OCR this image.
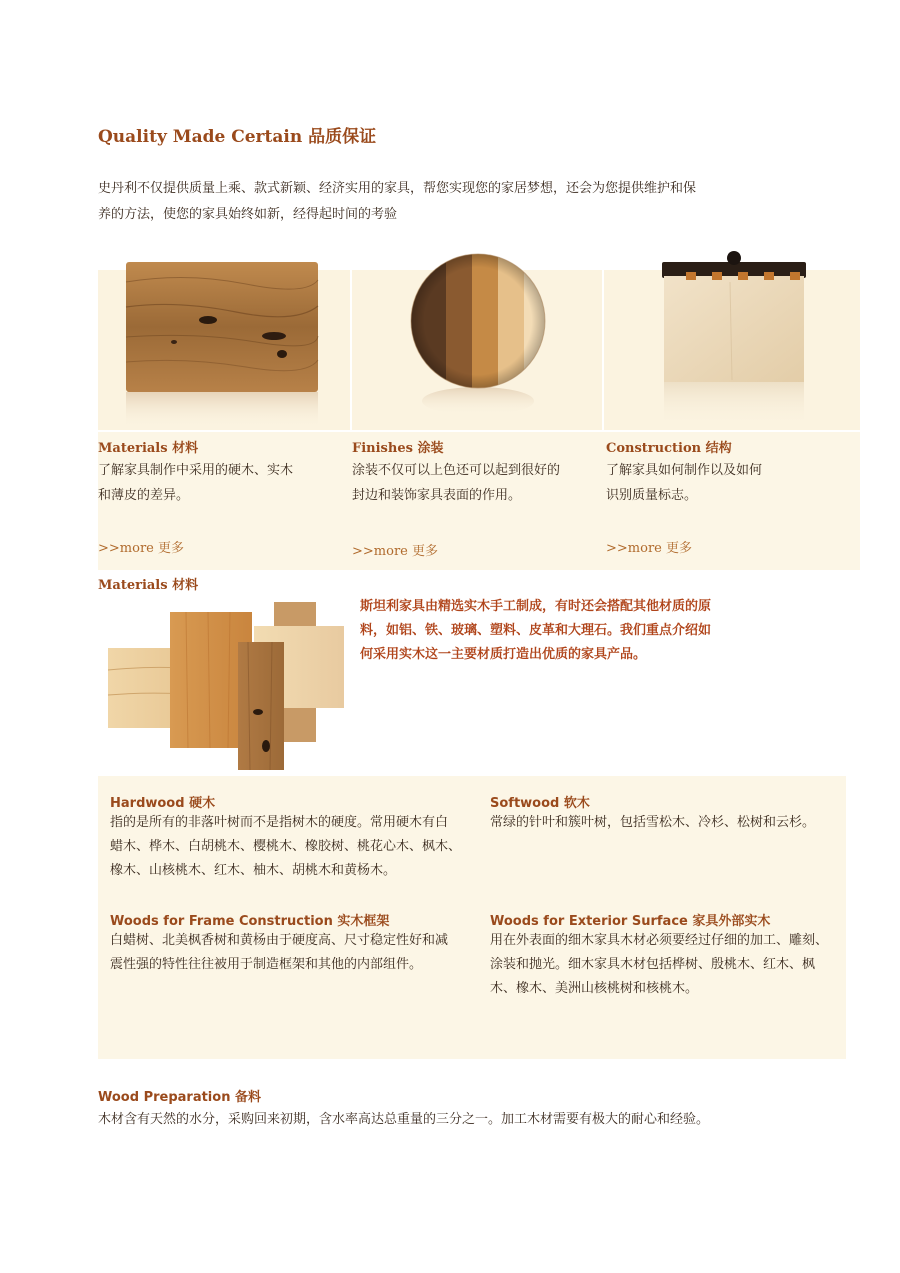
Quality Made Certain 品质保证
史丹利不仅提供质量上乘、款式新颖、经济实用的家具，帮您实现您的家居梦想，还会为您提供维护和保
养的方法，使您的家具始终如新，经得起时间的考验
Materials 材料
了解家具制作中采用的硬木、实木
和薄皮的差异。
>>more 更多
Finishes 涂装
涂装不仅可以上色还可以起到很好的
封边和装饰家具表面的作用。
>>more 更多
Construction 结构
了解家具如何制作以及如何
识别质量标志。
>>more 更多
Materials 材料
斯坦利家具由精选实木手工制成，有时还会搭配其他材质的原
料，如铝、铁、玻璃、塑料、皮革和大理石。我们重点介绍如
何采用实木这一主要材质打造出优质的家具产品。
Hardwood 硬木
指的是所有的非落叶树而不是指树木的硬度。常用硬木有白
蜡木、桦木、白胡桃木、樱桃木、橡胶树、桃花心木、枫木、
橡木、山核桃木、红木、柚木、胡桃木和黄杨木。
Softwood 软木
常绿的针叶和簇叶树，包括雪松木、冷杉、松树和云杉。
Woods for Frame Construction 实木框架
白蜡树、北美枫香树和黄杨由于硬度高、尺寸稳定性好和减
震性强的特性往往被用于制造框架和其他的内部组件。
Woods for Exterior Surface 家具外部实木
用在外表面的细木家具木材必须要经过仔细的加工、雕刻、
涂装和抛光。细木家具木材包括桦树、殷桃木、红木、枫
木、橡木、美洲山核桃树和核桃木。
Wood Preparation 备料
木材含有天然的水分，采购回来初期，含水率高达总重量的三分之一。加工木材需要有极大的耐心和经验。
